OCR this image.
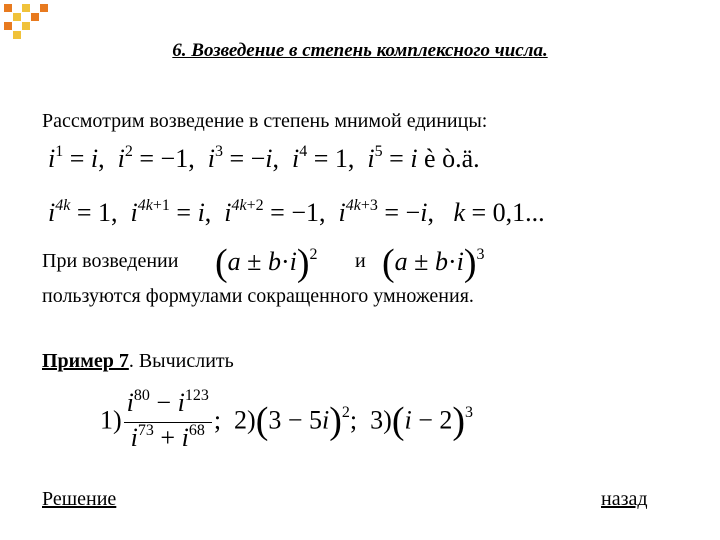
6. Возведение в степень комплексного числа.
Рассмотрим возведение в степень мнимой единицы:
$i^1 = i$,  $i^2 = -1$,  $i^3 = -i$,  $i^4 = 1$,  $i^5 = i$ è ò.ä.
$i^{4k} = 1$,  $i^{4k+1} = i$,  $i^{4k+2} = -1$,  $i^{4k+3} = -i$,   k = 0,1...
При возведении $(a \pm b\cdot i)^2$ и $(a \pm b\cdot i)^3$
пользуются формулами сокращенного умножения.
Пример 7. Вычислить
$1) \frac{i^{80} - i^{123}}{i^{73} + i^{68}}$ ;  $2)(3 - 5i)^2$;  $3)(i - 2)^3$
Решение	назад
